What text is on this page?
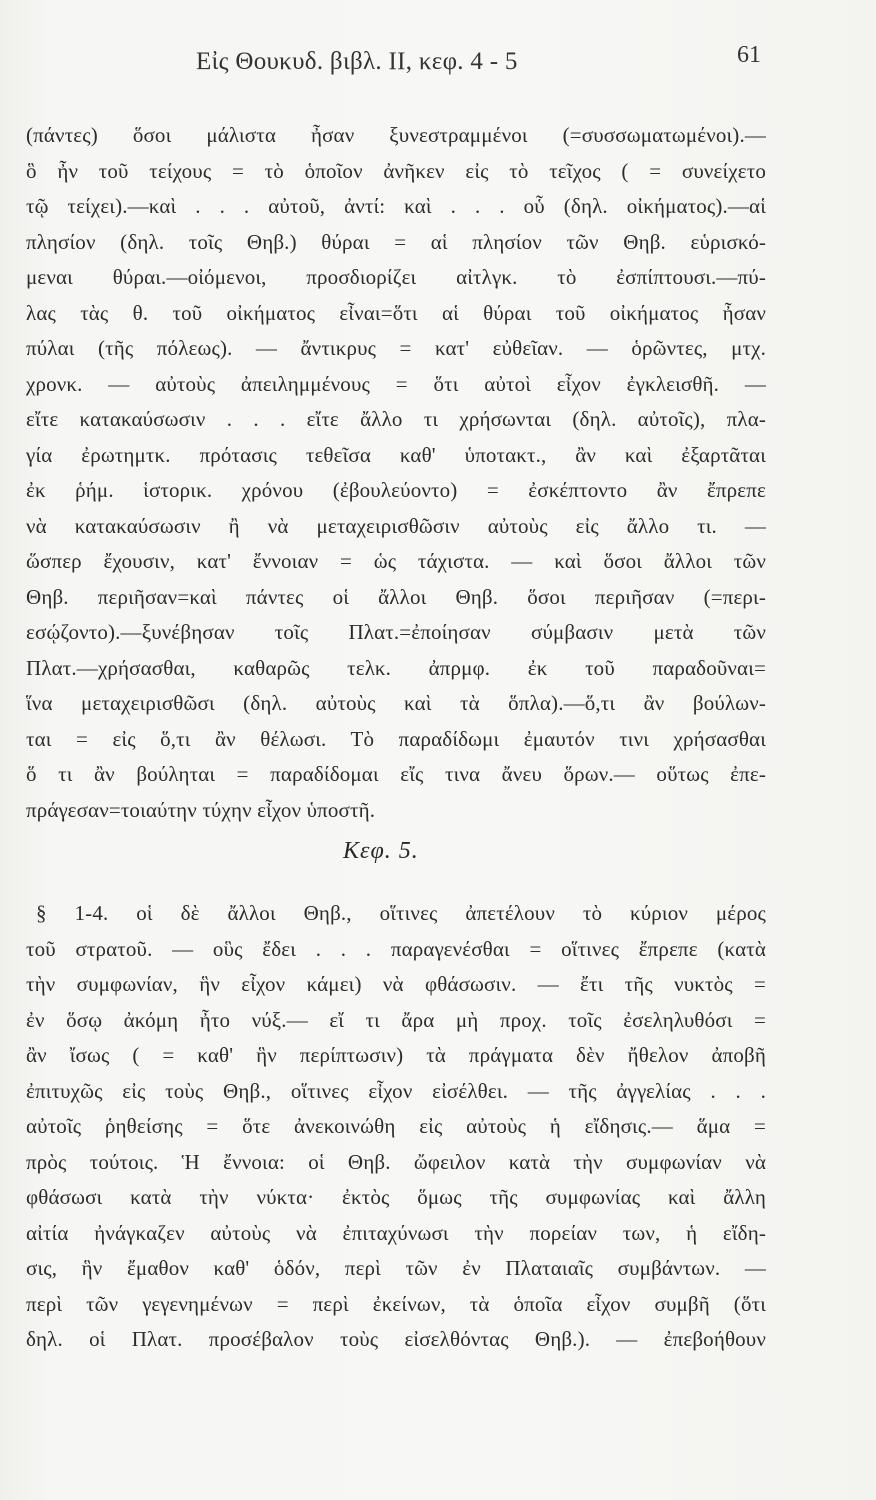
Εἰς Θουκυδ. βιβλ. ΙΙ, κεφ. 4 - 5	61
(πάντες) ὅσοι μάλιστα ἦσαν ξυνεστραμμένοι (=συσσωματωμένοι).—
ὃ ἦν τοῦ τείχους = τὸ ὁποῖον ἀνῆκεν εἰς τὸ τεῖχος ( = συνείχετο
τῷ τείχει).—καὶ . . . αὐτοῦ, ἀντί: καὶ . . . οὗ (δηλ. οἰκήματος).—αἱ
πλησίον (δηλ. τοῖς Θηβ.) θύραι = αἱ πλησίον τῶν Θηβ. εὑρισκό-
μεναι θύραι.—οἰόμενοι, προσδιορίζει αἰτλγκ. τὸ ἐσπίπτουσι.—πύ-
λας τὰς θ. τοῦ οἰκήματος εἶναι=ὅτι αἱ θύραι τοῦ οἰκήματος ἦσαν
πύλαι (τῆς πόλεως). — ἄντικρυς = κατ' εὐθεῖαν. — ὁρῶντες, μτχ.
χρονκ. — αὐτοὺς ἀπειλημμένους = ὅτι αὐτοὶ εἶχον ἐγκλεισθῆ. —
εἴτε κατακαύσωσιν . . . εἴτε ἄλλο τι χρήσωνται (δηλ. αὐτοῖς), πλα-
γία ἐρωτημτκ. πρότασις τεθεῖσα καθ' ὑποτακτ., ἂν καὶ ἐξαρτᾶται
ἐκ ῥήμ. ἱστορικ. χρόνου (ἐβουλεύοντο) = ἐσκέπτοντο ἂν ἔπρεπε
νὰ κατακαύσωσιν ἢ νὰ μεταχειρισθῶσιν αὐτοὺς εἰς ἄλλο τι. —
ὥσπερ ἔχουσιν, κατ' ἔννοιαν = ὡς τάχιστα. — καὶ ὅσοι ἄλλοι τῶν
Θηβ. περιῆσαν=καὶ πάντες οἱ ἄλλοι Θηβ. ὅσοι περιῆσαν (=περι-
εσῴζοντο).—ξυνέβησαν τοῖς Πλατ.=ἐποίησαν σύμβασιν μετὰ τῶν
Πλατ.—χρήσασθαι, καθαρῶς τελκ. ἀπρμφ. ἐκ τοῦ παραδοῦναι=
ἵνα μεταχειρισθῶσι (δηλ. αὐτοὺς καὶ τὰ ὅπλα).—ὅ,τι ἂν βούλων-
ται = εἰς ὅ,τι ἂν θέλωσι. Τὸ παραδίδωμι ἐμαυτόν τινι χρήσασθαι
ὅ τι ἂν βούληται = παραδίδομαι εἴς τινα ἄνευ ὅρων.— οὕτως ἐπε-
πράγεσαν=τοιαύτην τύχην εἶχον ὑποστῆ.
Κεφ. 5.
§ 1-4. οἱ δὲ ἄλλοι Θηβ., οἵτινες ἀπετέλουν τὸ κύριον μέρος
τοῦ στρατοῦ. — οὓς ἔδει . . . παραγενέσθαι = οἵτινες ἔπρεπε (κατὰ
τὴν συμφωνίαν, ἣν εἶχον κάμει) νὰ φθάσωσιν. — ἔτι τῆς νυκτὸς =
ἐν ὅσῳ ἀκόμη ἦτο νύξ.— εἴ τι ἄρα μὴ προχ. τοῖς ἐσεληλυθόσι =
ἂν ἴσως ( = καθ' ἣν περίπτωσιν) τὰ πράγματα δὲν ἤθελον ἀποβῆ
ἐπιτυχῶς εἰς τοὺς Θηβ., οἵτινες εἶχον εἰσέλθει. — τῆς ἀγγελίας . . .
αὐτοῖς ῥηθείσης = ὅτε ἀνεκοινώθη εἰς αὐτοὺς ἡ εἴδησις.— ἅμα =
πρὸς τούτοις. Ἡ ἔννοια: οἱ Θηβ. ὤφειλον κατὰ τὴν συμφωνίαν νὰ
φθάσωσι κατὰ τὴν νύκτα· ἐκτὸς ὅμως τῆς συμφωνίας καὶ ἄλλη
αἰτία ἠνάγκαζεν αὐτοὺς νὰ ἐπιταχύνωσι τὴν πορείαν των, ἡ εἴδη-
σις, ἣν ἔμαθον καθ' ὁδόν, περὶ τῶν ἐν Πλαταιαῖς συμβάντων. —
περὶ τῶν γεγενημένων = περὶ ἐκείνων, τὰ ὁποῖα εἶχον συμβῆ (ὅτι
δηλ. οἱ Πλατ. προσέβαλον τοὺς εἰσελθόντας Θηβ.). — ἐπεβοήθουν
